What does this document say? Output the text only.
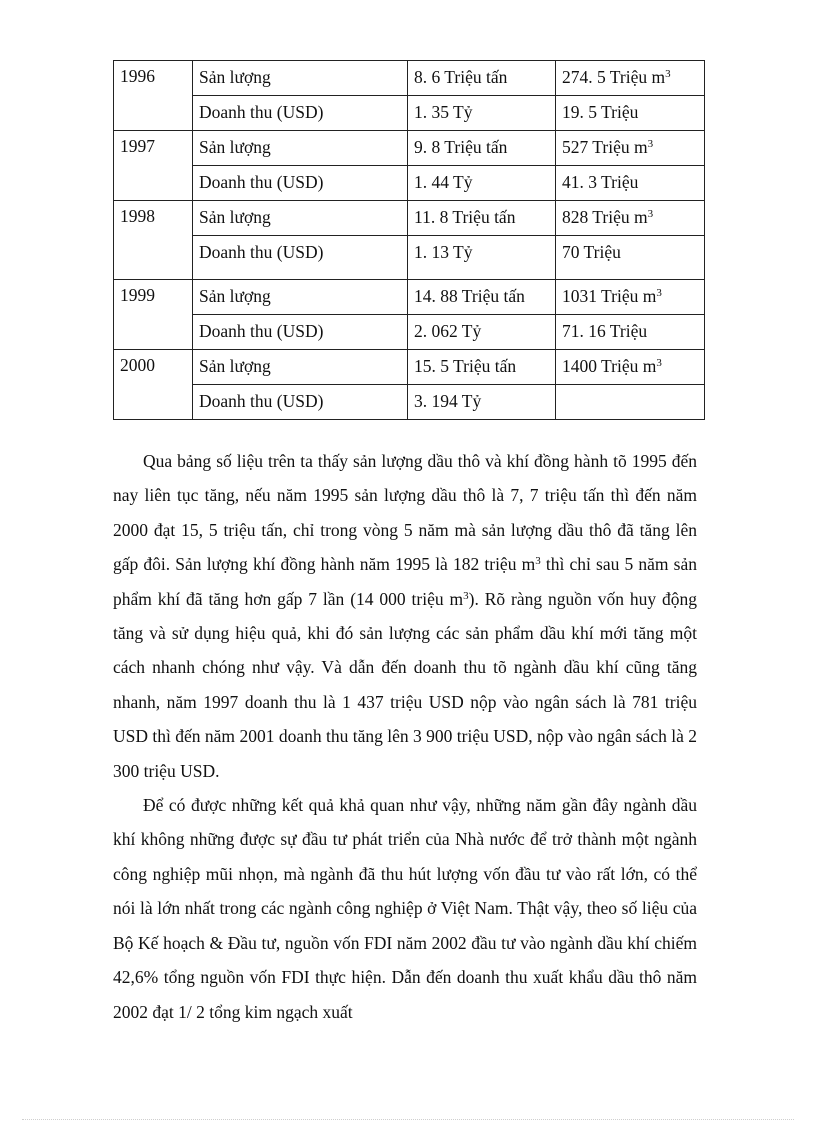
1996	Sản lượng	8. 6 Triệu tấn	274. 5 Triệu $m^3$
	Doanh thu (USD)	1. 35 Tỷ	19. 5 Triệu
1997	Sản lượng	9. 8 Triệu tấn	527 Triệu $m^3$
	Doanh thu (USD)	1. 44 Tỷ	41. 3 Triệu
1998	Sản lượng	11. 8 Triệu tấn	828 Triệu $m^3$
	Doanh thu (USD)	1. 13 Tỷ	70 Triệu
1999	Sản lượng	14. 88 Triệu tấn	1031 Triệu $m^3$
	Doanh thu (USD)	2. 062 Tỷ	71. 16 Triệu
2000	Sản lượng	15. 5 Triệu tấn	1400 Triệu $m^3$
	Doanh thu (USD)	3. 194 Tỷ	

Qua bảng số liệu trên ta thấy sản lượng dầu thô và khí đồng hành tõ 1995 đến nay liên tục tăng, nếu năm 1995 sản lượng dầu thô là 7, 7 triệu tấn thì đến năm 2000 đạt 15, 5 triệu tấn, chỉ trong vòng 5 năm mà sản lượng dầu thô đã tăng lên gấp đôi. Sản lượng khí đồng hành năm 1995 là 182 triệu $m^3$ thì chỉ sau 5 năm sản phẩm khí đã tăng hơn gấp 7 lần (14 000 triệu $m^3$). Rõ ràng nguồn vốn huy động tăng và sử dụng hiệu quả, khi đó sản lượng các sản phẩm dầu khí mới tăng một cách nhanh chóng như vậy. Và dẫn đến doanh thu tõ ngành dầu khí cũng tăng nhanh, năm 1997 doanh thu là 1 437 triệu USD nộp vào ngân sách là 781 triệu USD thì đến năm 2001 doanh thu tăng lên 3 900 triệu USD, nộp vào ngân sách là 2 300 triệu USD.

Để có được những kết quả khả quan như vậy, những năm gần đây ngành dầu khí không những được sự đầu tư phát triển của Nhà nước để trở thành một ngành công nghiệp mũi nhọn, mà ngành đã thu hút lượng vốn đầu tư vào rất lớn, có thể nói là lớn nhất trong các ngành công nghiệp ở Việt Nam. Thật vậy, theo số liệu của Bộ Kế hoạch & Đầu tư, nguồn vốn FDI năm 2002 đầu tư vào ngành dầu khí chiếm 42,6% tổng nguồn vốn FDI thực hiện. Dẫn đến doanh thu xuất khẩu dầu thô năm 2002 đạt 1/ 2 tổng kim ngạch xuất
